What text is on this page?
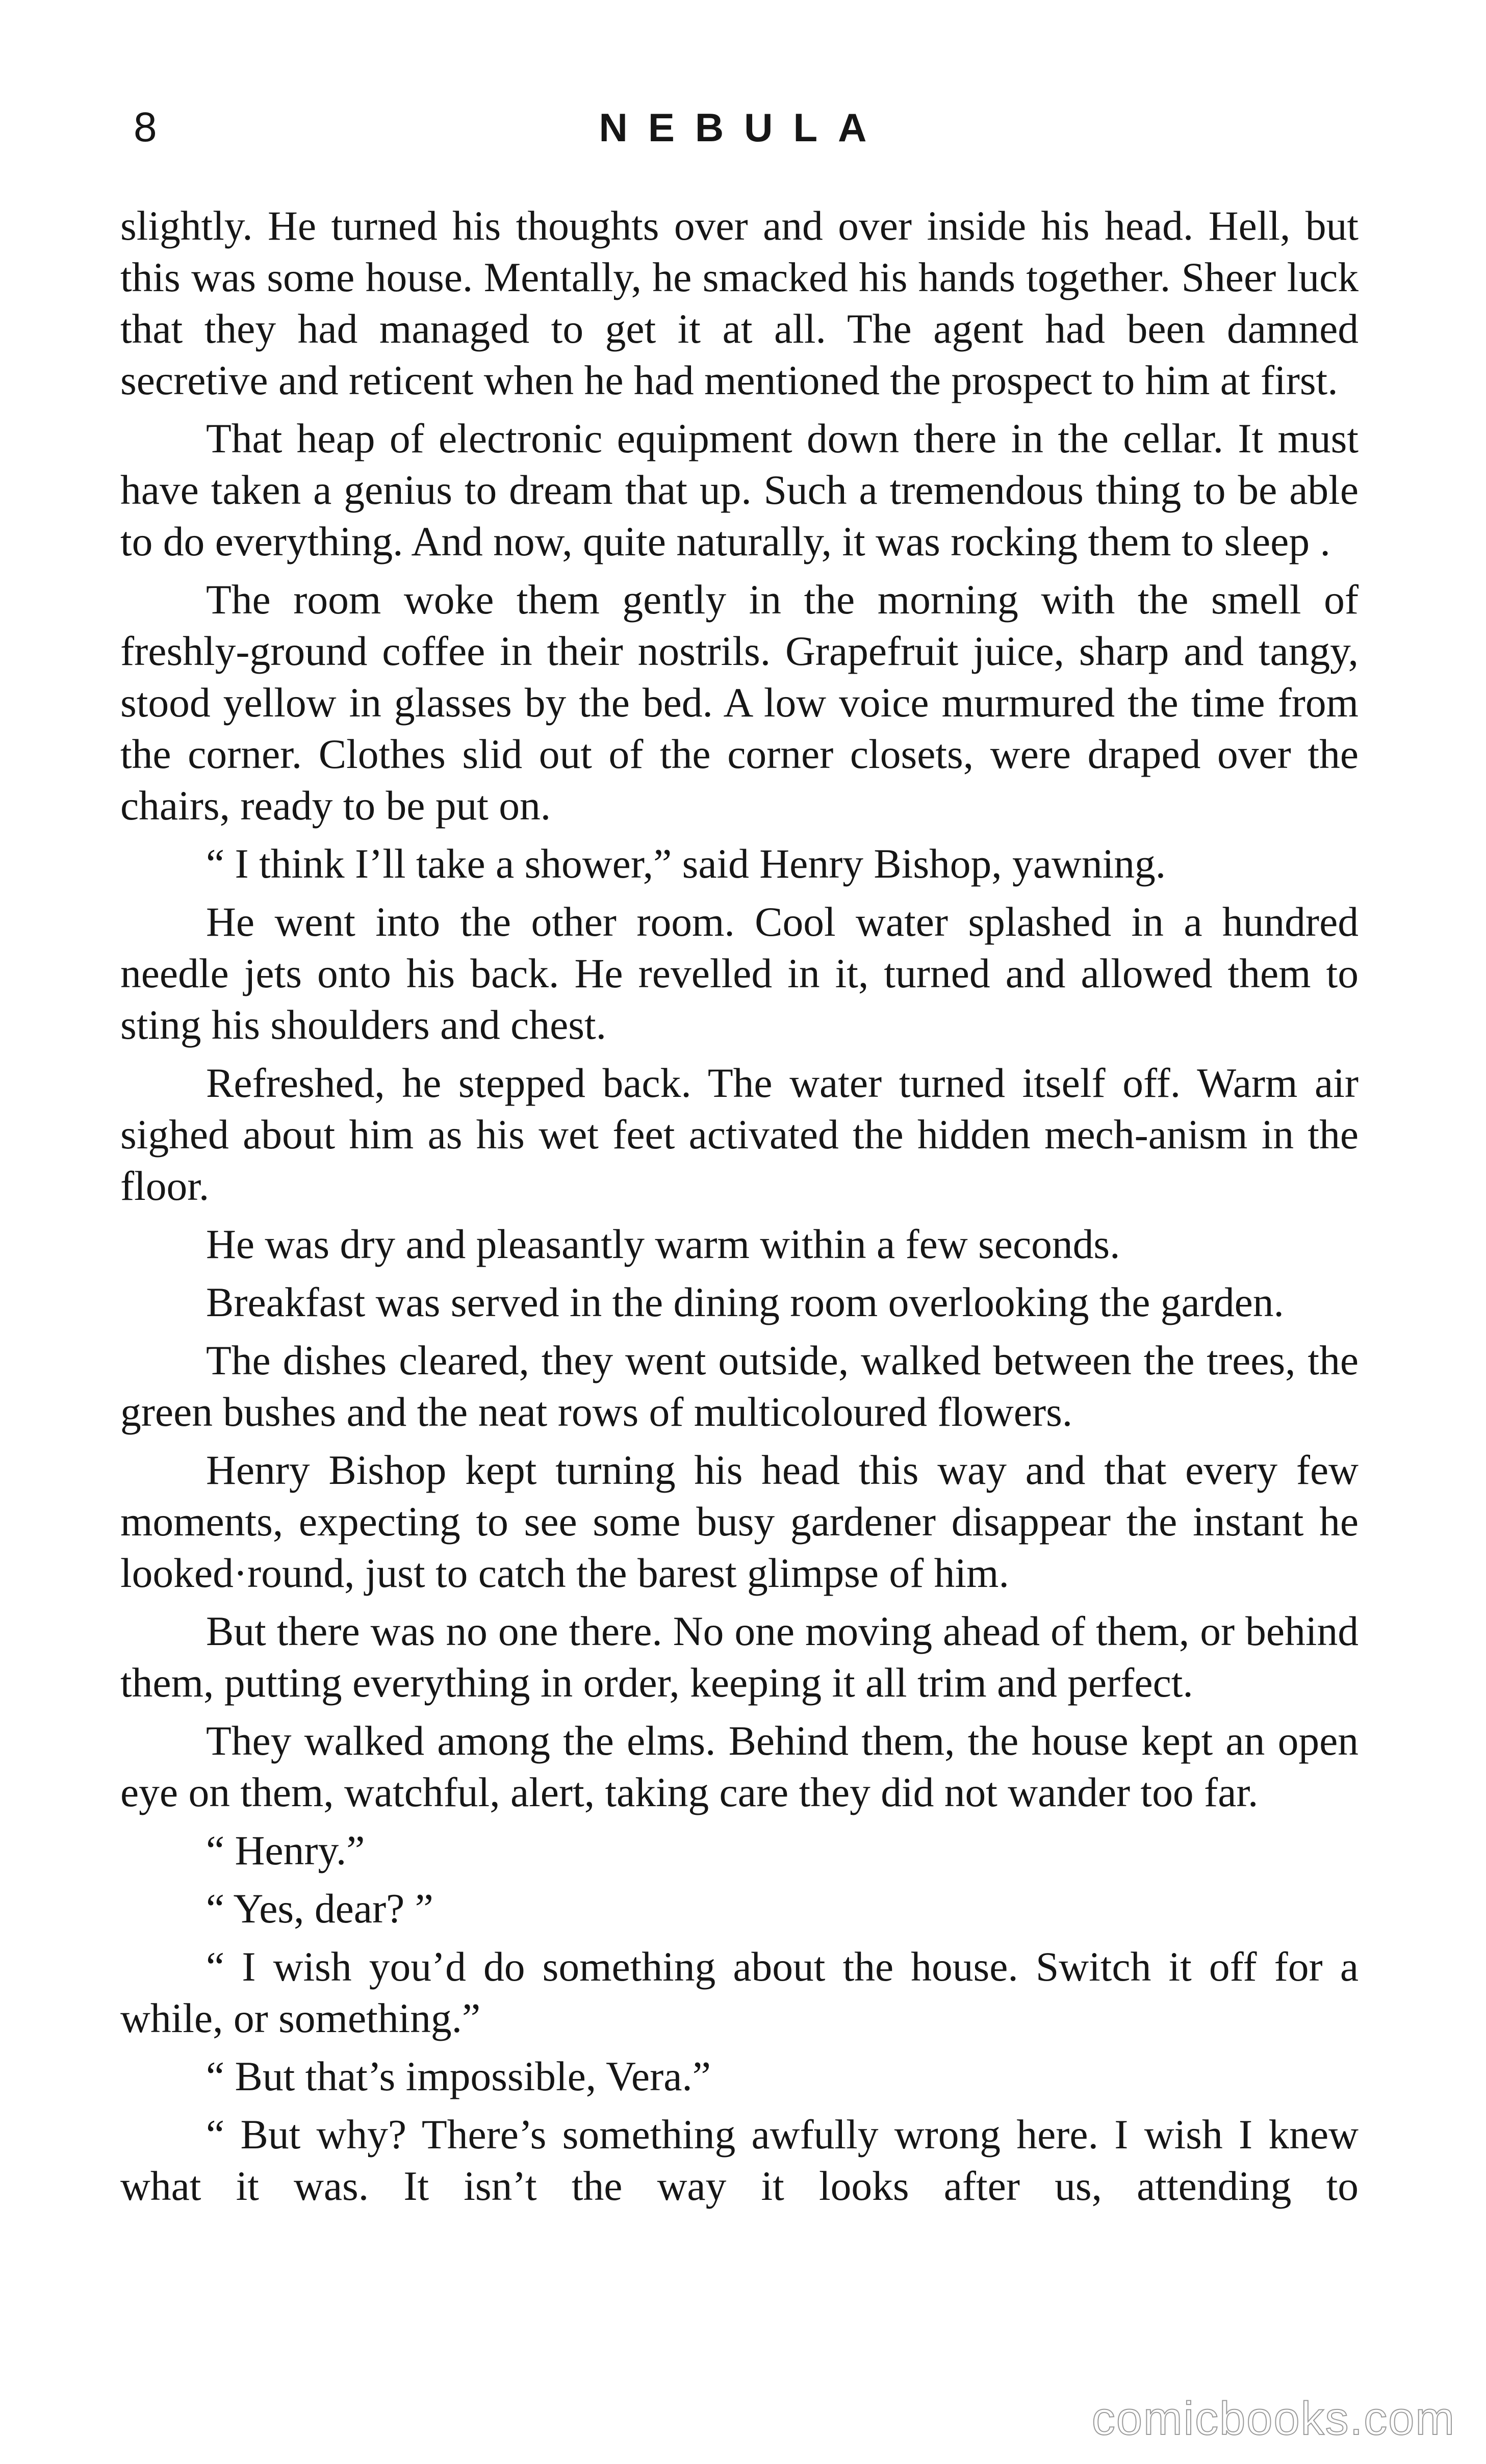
8	NEBULA

slightly. He turned his thoughts over and over inside his head. Hell, but this was some house. Mentally, he smacked his hands together. Sheer luck that they had managed to get it at all. The agent had been damned secretive and reticent when he had mentioned the prospect to him at first.

That heap of electronic equipment down there in the cellar. It must have taken a genius to dream that up. Such a tremendous thing to be able to do everything. And now, quite naturally, it was rocking them to sleep .

The room woke them gently in the morning with the smell of freshly-ground coffee in their nostrils. Grapefruit juice, sharp and tangy, stood yellow in glasses by the bed. A low voice murmured the time from the corner. Clothes slid out of the corner closets, were draped over the chairs, ready to be put on.

“ I think I’ll take a shower,” said Henry Bishop, yawning.

He went into the other room. Cool water splashed in a hundred needle jets onto his back. He revelled in it, turned and allowed them to sting his shoulders and chest.

Refreshed, he stepped back. The water turned itself off. Warm air sighed about him as his wet feet activated the hidden mech-anism in the floor.

He was dry and pleasantly warm within a few seconds.

Breakfast was served in the dining room overlooking the garden.

The dishes cleared, they went outside, walked between the trees, the green bushes and the neat rows of multicoloured flowers.

Henry Bishop kept turning his head this way and that every few moments, expecting to see some busy gardener disappear the instant he looked·round, just to catch the barest glimpse of him.

But there was no one there. No one moving ahead of them, or behind them, putting everything in order, keeping it all trim and perfect.

They walked among the elms. Behind them, the house kept an open eye on them, watchful, alert, taking care they did not wander too far.

“ Henry.”

“ Yes, dear? ”

“ I wish you’d do something about the house. Switch it off for a while, or something.”

“ But that’s impossible, Vera.”

“ But why? There’s something awfully wrong here. I wish I knew what it was. It isn’t the way it looks after us, attending to

comicbooks.com
